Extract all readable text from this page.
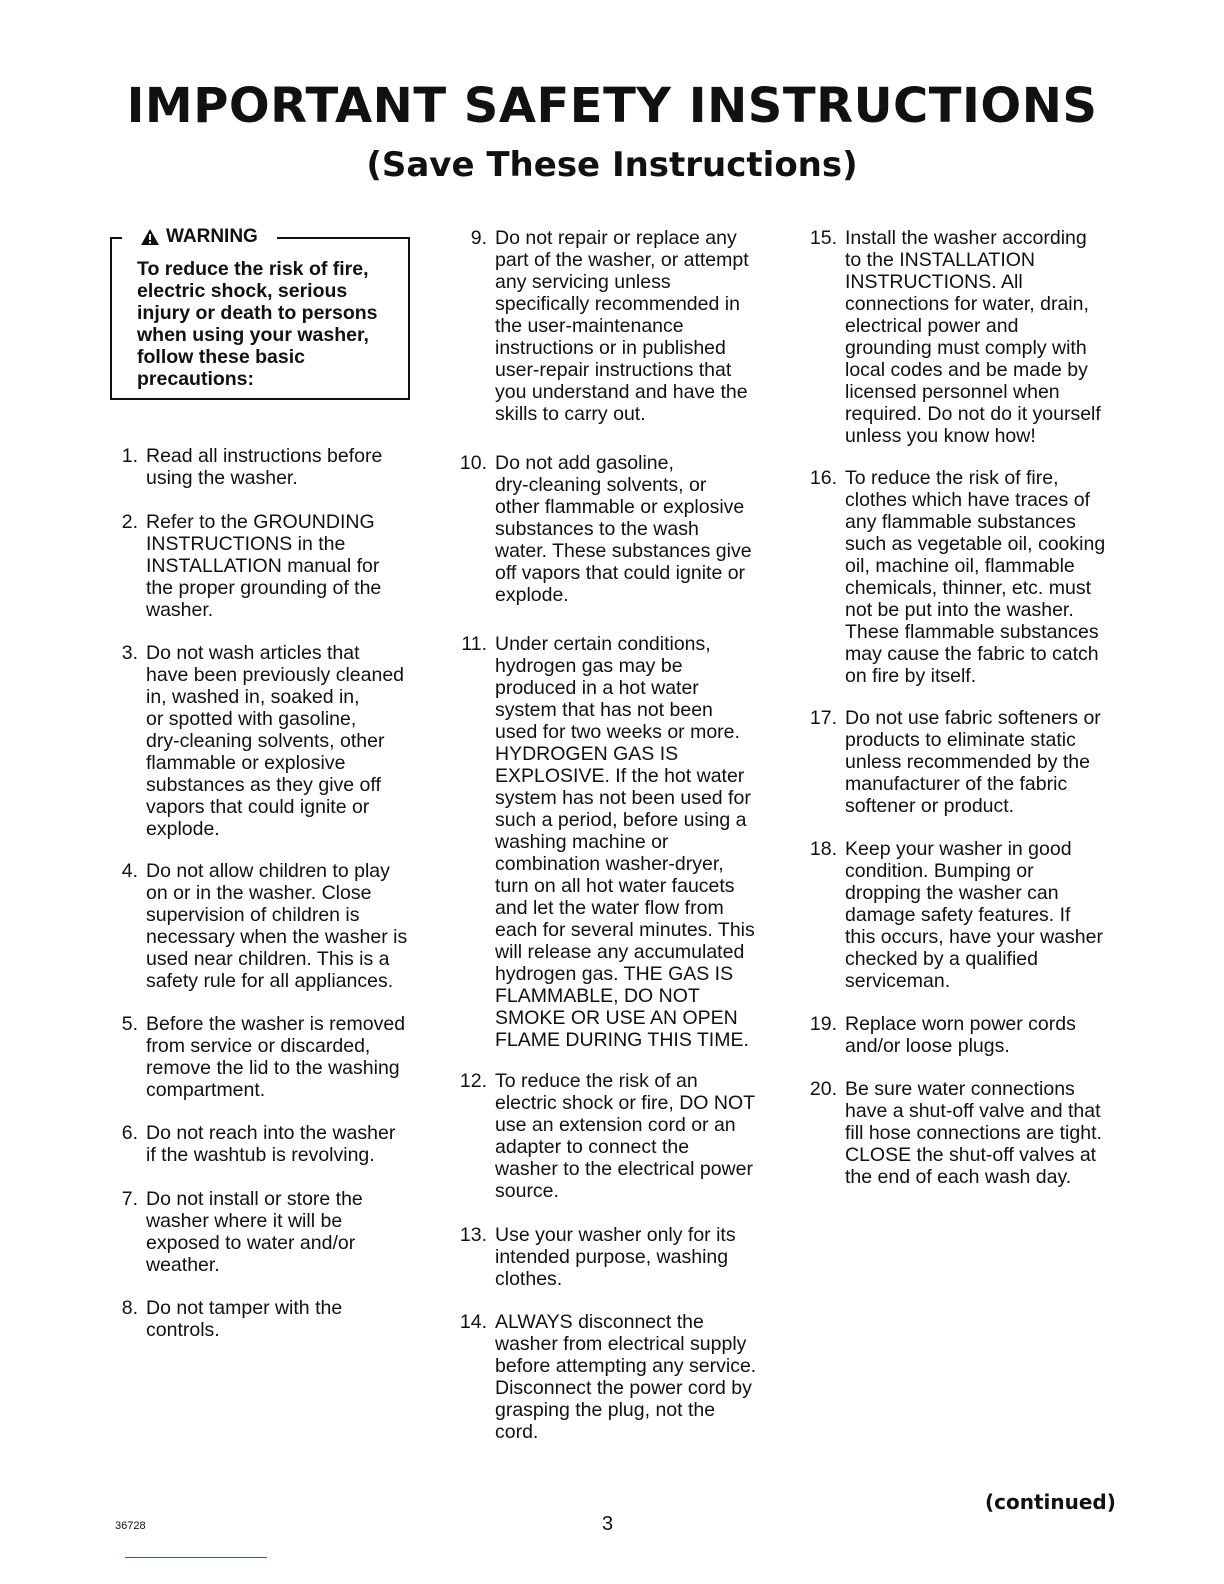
IMPORTANT SAFETY INSTRUCTIONS
(Save These Instructions)
WARNING

To reduce the risk of fire, electric shock, serious injury or death to persons when using your washer, follow these basic precautions:

1. Read all instructions before
using the washer.
2. Refer to the GROUNDING
INSTRUCTIONS in the
INSTALLATION manual for
the proper grounding of the
washer.
3. Do not wash articles that
have been previously cleaned
in, washed in, soaked in,
or spotted with gasoline,
dry-cleaning solvents, other
flammable or explosive
substances as they give off
vapors that could ignite or
explode.
4. Do not allow children to play
on or in the washer. Close
supervision of children is
necessary when the washer is
used near children. This is a
safety rule for all appliances.
5. Before the washer is removed
from service or discarded,
remove the lid to the washing
compartment.
6. Do not reach into the washer
if the washtub is revolving.
7. Do not install or store the
washer where it will be
exposed to water and/or
weather.
8. Do not tamper with the
controls.
9. Do not repair or replace any
part of the washer, or attempt
any servicing unless
specifically recommended in
the user-maintenance
instructions or in published
user-repair instructions that
you understand and have the
skills to carry out.
10. Do not add gasoline,
dry-cleaning solvents, or
other flammable or explosive
substances to the wash
water. These substances give
off vapors that could ignite or
explode.
11. Under certain conditions,
hydrogen gas may be
produced in a hot water
system that has not been
used for two weeks or more.
HYDROGEN GAS IS
EXPLOSIVE. If the hot water
system has not been used for
such a period, before using a
washing machine or
combination washer-dryer,
turn on all hot water faucets
and let the water flow from
each for several minutes. This
will release any accumulated
hydrogen gas. THE GAS IS
FLAMMABLE, DO NOT
SMOKE OR USE AN OPEN
FLAME DURING THIS TIME.
12. To reduce the risk of an
electric shock or fire, DO NOT
use an extension cord or an
adapter to connect the
washer to the electrical power
source.
13. Use your washer only for its
intended purpose, washing
clothes.
14. ALWAYS disconnect the
washer from electrical supply
before attempting any service.
Disconnect the power cord by
grasping the plug, not the
cord.
15. Install the washer according
to the INSTALLATION
INSTRUCTIONS. All
connections for water, drain,
electrical power and
grounding must comply with
local codes and be made by
licensed personnel when
required. Do not do it yourself
unless you know how!
16. To reduce the risk of fire,
clothes which have traces of
any flammable substances
such as vegetable oil, cooking
oil, machine oil, flammable
chemicals, thinner, etc. must
not be put into the washer.
These flammable substances
may cause the fabric to catch
on fire by itself.
17. Do not use fabric softeners or
products to eliminate static
unless recommended by the
manufacturer of the fabric
softener or product.
18. Keep your washer in good
condition. Bumping or
dropping the washer can
damage safety features. If
this occurs, have your washer
checked by a qualified
serviceman.
19. Replace worn power cords
and/or loose plugs.
20. Be sure water connections
have a shut-off valve and that
fill hose connections are tight.
CLOSE the shut-off valves at
the end of each wash day.
(continued)
36728	3
